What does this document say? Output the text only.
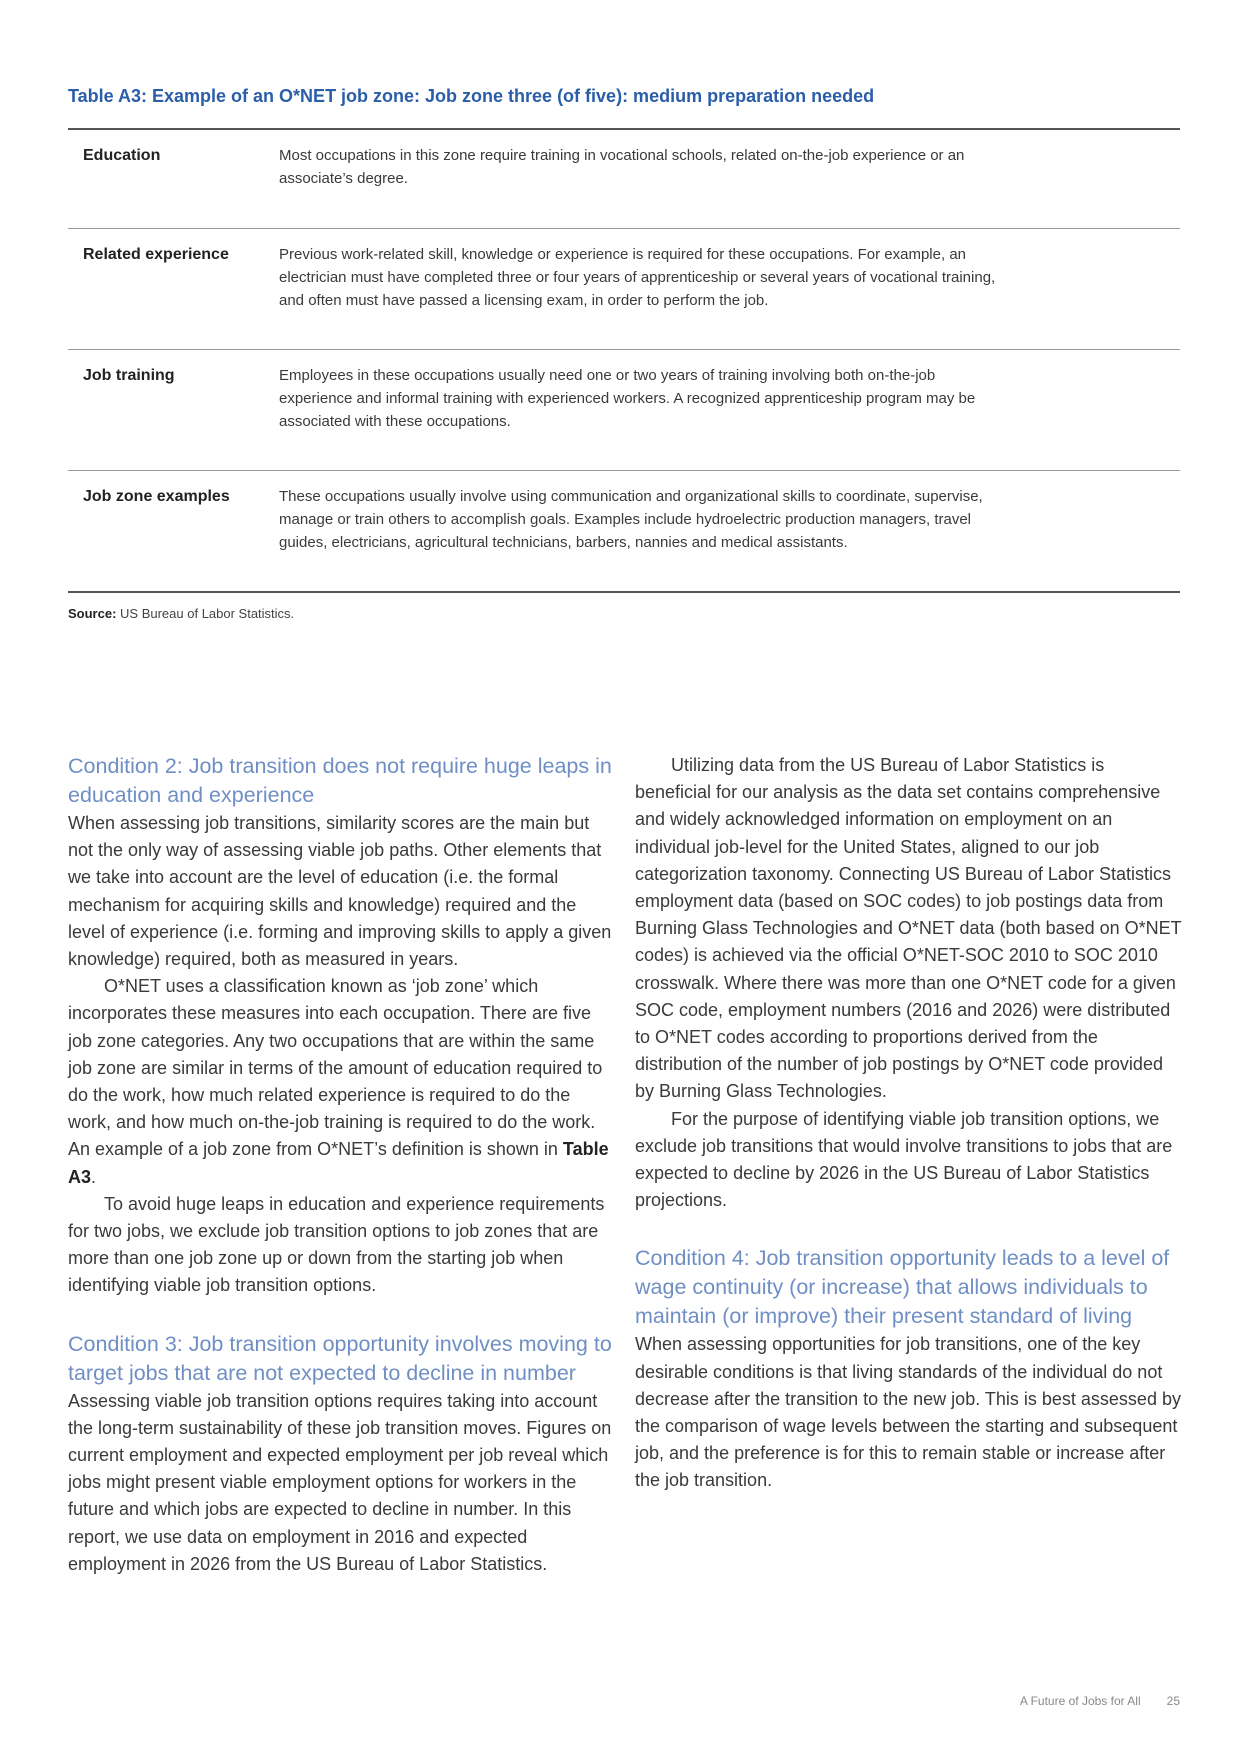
Table A3: Example of an O*NET job zone: Job zone three (of five): medium preparation needed
Education	Most occupations in this zone require training in vocational schools, related on-the-job experience or an associate’s degree.
Related experience	Previous work-related skill, knowledge or experience is required for these occupations. For example, an electrician must have completed three or four years of apprenticeship or several years of vocational training, and often must have passed a licensing exam, in order to perform the job.
Job training	Employees in these occupations usually need one or two years of training involving both on-the-job experience and informal training with experienced workers. A recognized apprenticeship program may be associated with these occupations.
Job zone examples	These occupations usually involve using communication and organizational skills to coordinate, supervise, manage or train others to accomplish goals. Examples include hydroelectric production managers, travel guides, electricians, agricultural technicians, barbers, nannies and medical assistants.
Source: US Bureau of Labor Statistics.
Condition 2: Job transition does not require huge leaps in education and experience

When assessing job transitions, similarity scores are the main but not the only way of assessing viable job paths. Other elements that we take into account are the level of education (i.e. the formal mechanism for acquiring skills and knowledge) required and the level of experience (i.e. forming and improving skills to apply a given knowledge) required, both as measured in years.

O*NET uses a classification known as ‘job zone’ which incorporates these measures into each occupation. There are five job zone categories. Any two occupations that are within the same job zone are similar in terms of the amount of education required to do the work, how much related experience is required to do the work, and how much on-the-job training is required to do the work. An example of a job zone from O*NET’s definition is shown in Table A3.

To avoid huge leaps in education and experience requirements for two jobs, we exclude job transition options to job zones that are more than one job zone up or down from the starting job when identifying viable job transition options.

Condition 3: Job transition opportunity involves moving to target jobs that are not expected to decline in number

Assessing viable job transition options requires taking into account the long-term sustainability of these job transition moves. Figures on current employment and expected employment per job reveal which jobs might present viable employment options for workers in the future and which jobs are expected to decline in number. In this report, we use data on employment in 2016 and expected employment in 2026 from the US Bureau of Labor Statistics.

Utilizing data from the US Bureau of Labor Statistics is beneficial for our analysis as the data set contains comprehensive and widely acknowledged information on employment on an individual job-level for the United States, aligned to our job categorization taxonomy. Connecting US Bureau of Labor Statistics employment data (based on SOC codes) to job postings data from Burning Glass Technologies and O*NET data (both based on O*NET codes) is achieved via the official O*NET-SOC 2010 to SOC 2010 crosswalk. Where there was more than one O*NET code for a given SOC code, employment numbers (2016 and 2026) were distributed to O*NET codes according to proportions derived from the distribution of the number of job postings by O*NET code provided by Burning Glass Technologies.

For the purpose of identifying viable job transition options, we exclude job transitions that would involve transitions to jobs that are expected to decline by 2026 in the US Bureau of Labor Statistics projections.

Condition 4: Job transition opportunity leads to a level of wage continuity (or increase) that allows individuals to maintain (or improve) their present standard of living

When assessing opportunities for job transitions, one of the key desirable conditions is that living standards of the individual do not decrease after the transition to the new job. This is best assessed by the comparison of wage levels between the starting and subsequent job, and the preference is for this to remain stable or increase after the job transition.

A Future of Jobs for All 25
